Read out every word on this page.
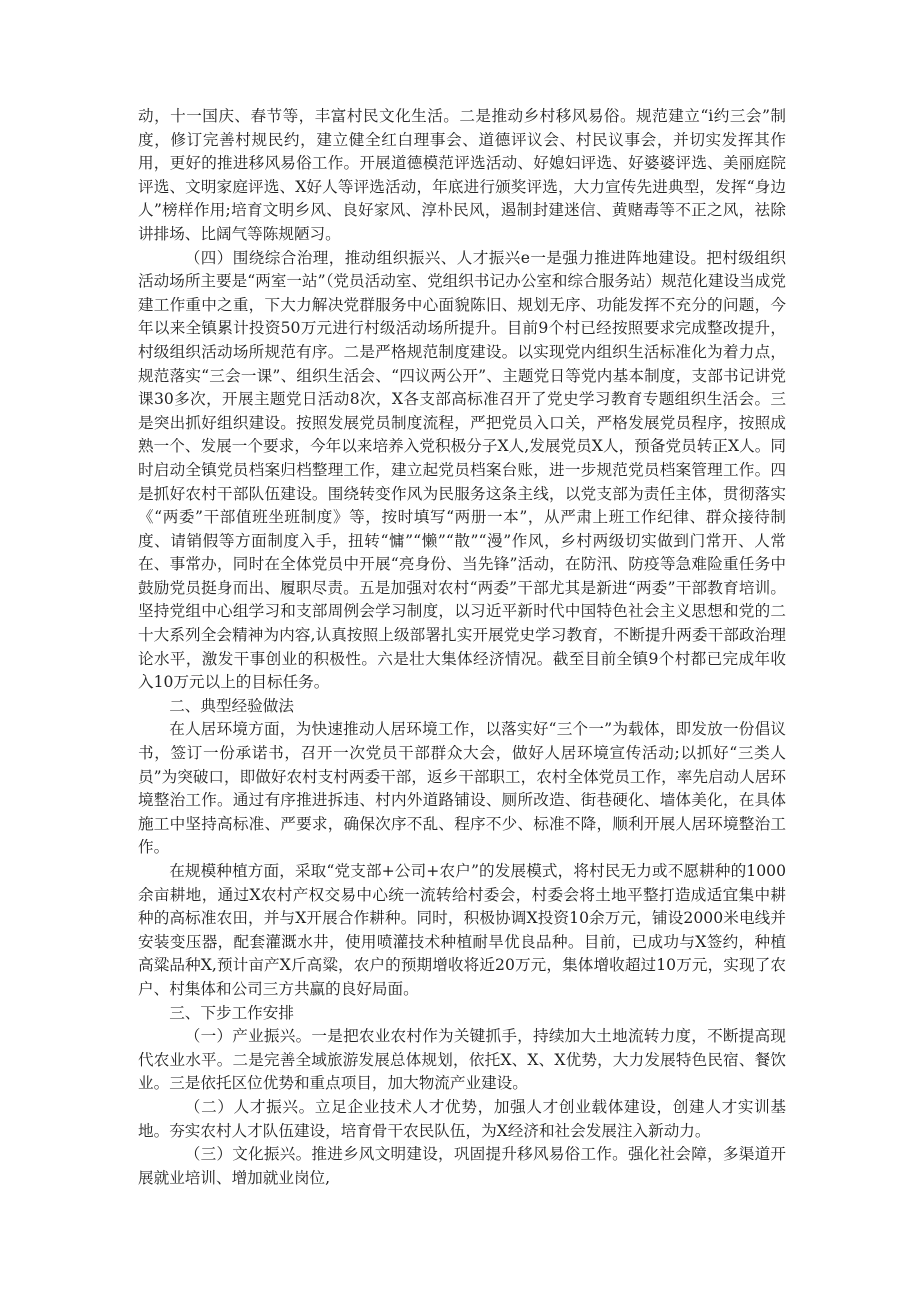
动，十一国庆、春节等，丰富村民文化生活。二是推动乡村移风易俗。规范建立“i约三会”制度，修订完善村规民约，建立健全红白理事会、道德评议会、村民议事会，并切实发挥其作用，更好的推进移风易俗工作。开展道德模范评选活动、好媳妇评选、好婆婆评选、美丽庭院评选、文明家庭评选、X好人等评选活动，年底进行颁奖评选，大力宣传先进典型，发挥“身边人”榜样作用;培育文明乡风、良好家风、淳朴民风，遏制封建迷信、黄赌毒等不正之风，祛除讲排场、比阔气等陈规陋习。

（四）围绕综合治理，推动组织振兴、人才振兴e一是强力推进阵地建设。把村级组织活动场所主要是“两室一站”（党员活动室、党组织书记办公室和综合服务站）规范化建设当成党建工作重中之重，下大力解决党群服务中心面貌陈旧、规划无序、功能发挥不充分的问题，今年以来全镇累计投资50万元进行村级活动场所提升。目前9个村已经按照要求完成整改提升，村级组织活动场所规范有序。二是严格规范制度建设。以实现党内组织生活标准化为着力点，规范落实“三会一课”、组织生活会、“四议两公开”、主题党日等党内基本制度，支部书记讲党课30多次，开展主题党日活动8次，X各支部高标准召开了党史学习教育专题组织生活会。三是突出抓好组织建设。按照发展党员制度流程，严把党员入口关，严格发展党员程序，按照成熟一个、发展一个要求，今年以来培养入党积极分子X人,发展党员X人，预备党员转正X人。同时启动全镇党员档案归档整理工作，建立起党员档案台账，进一步规范党员档案管理工作。四是抓好农村干部队伍建设。围绕转变作风为民服务这条主线，以党支部为责任主体，贯彻落实《“两委”干部值班坐班制度》等，按时填写“两册一本”，从严肃上班工作纪律、群众接待制度、请销假等方面制度入手，扭转“慵”“懒”“散”“漫”作风，乡村两级切实做到门常开、人常在、事常办，同时在全体党员中开展“亮身份、当先锋”活动，在防汛、防疫等急难险重任务中鼓励党员挺身而出、履职尽责。五是加强对农村“两委”干部尤其是新进“两委”干部教育培训。坚持党组中心组学习和支部周例会学习制度，以习近平新时代中国特色社会主义思想和党的二十大系列全会精神为内容,认真按照上级部署扎实开展党史学习教育，不断提升两委干部政治理论水平，激发干事创业的积极性。六是壮大集体经济情况。截至目前全镇9个村都已完成年收入10万元以上的目标任务。

二、典型经验做法

在人居环境方面，为快速推动人居环境工作，以落实好“三个一”为载体，即发放一份倡议书，签订一份承诺书，召开一次党员干部群众大会，做好人居环境宣传活动;以抓好“三类人员”为突破口，即做好农村支村两委干部，返乡干部职工，农村全体党员工作，率先启动人居环境整治工作。通过有序推进拆违、村内外道路铺设、厕所改造、街巷硬化、墙体美化，在具体施工中坚持高标准、严要求，确保次序不乱、程序不少、标准不降，顺利开展人居环境整治工作。

在规模种植方面，采取“党支部+公司+农户”的发展模式，将村民无力或不愿耕种的1000余亩耕地，通过X农村产权交易中心统一流转给村委会，村委会将土地平整打造成适宜集中耕种的高标准农田，并与X开展合作耕种。同时，积极协调X投资10余万元，铺设2000米电线并安装变压器，配套灌溉水井，使用喷灌技术种植耐旱优良品种。目前，已成功与X签约，种植高粱品种X,预计亩产X斤高粱，农户的预期增收将近20万元，集体增收超过10万元，实现了农户、村集体和公司三方共赢的良好局面。

三、下步工作安排

（一）产业振兴。一是把农业农村作为关键抓手，持续加大土地流转力度，不断提高现代农业水平。二是完善全域旅游发展总体规划，依托X、X、X优势，大力发展特色民宿、餐饮业。三是依托区位优势和重点项目，加大物流产业建设。

（二）人才振兴。立足企业技术人才优势，加强人才创业载体建设，创建人才实训基地。夯实农村人才队伍建设，培育骨干农民队伍，为X经济和社会发展注入新动力。

（三）文化振兴。推进乡风文明建设，巩固提升移风易俗工作。强化社会障，多渠道开展就业培训、增加就业岗位,
